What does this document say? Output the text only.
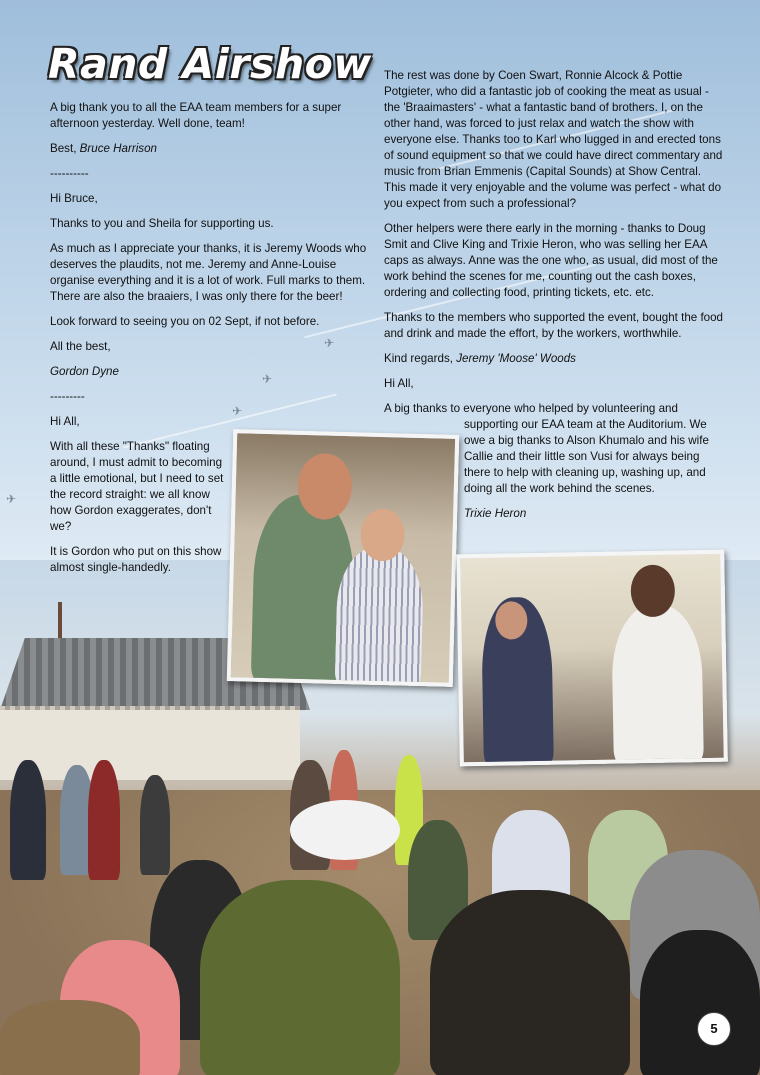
✈
✈
✈
✈
Rand Airshow

A big thank you to all the EAA team members for a super afternoon yesterday. Well done, team!

Best, Bruce Harrison

----------

Hi Bruce,

Thanks to you and Sheila for supporting us.

As much as I appreciate your thanks, it is Jeremy Woods who deserves the plaudits, not me. Jeremy and Anne-Louise organise everything and it is a lot of work. Full marks to them. There are also the braaiers, I was only there for the beer!

Look forward to seeing you on 02 Sept, if not before.

All the best,

Gordon Dyne

---------

Hi All,

With all these "Thanks" floating around, I must admit to becoming a little emotional, but I need to set the record straight: we all know how Gordon exaggerates, don't we?

It is Gordon who put on this show almost single-handedly.

The rest was done by Coen Swart, Ronnie Alcock & Pottie Potgieter, who did a fantastic job of cooking the meat as usual - the 'Braaimasters' - what a fantastic band of brothers. I, on the other hand, was forced to just relax and watch the show with everyone else. Thanks too to Karl who lugged in and erected tons of sound equipment so that we could have direct commentary and music from Brian Emmenis (Capital Sounds) at Show Central. This made it very enjoyable and the volume was perfect - what do you expect from such a professional?

Other helpers were there early in the morning - thanks to Doug Smit and Clive King and Trixie Heron, who was selling her EAA caps as always. Anne was the one who, as usual, did most of the work behind the scenes for me, counting out the cash boxes, ordering and collecting food, printing tickets, etc. etc.

Thanks to the members who supported the event, bought the food and drink and made the effort, by the workers, worthwhile.

Kind regards, Jeremy 'Moose' Woods

Hi All,

A big thanks to everyone who helped by volunteering and
supporting our EAA team at the Auditorium. We owe a big thanks to Alson Khumalo and his wife Callie and their little son Vusi for always being there to help with cleaning up, washing up, and doing all the work behind the scenes.

Trixie Heron

5
